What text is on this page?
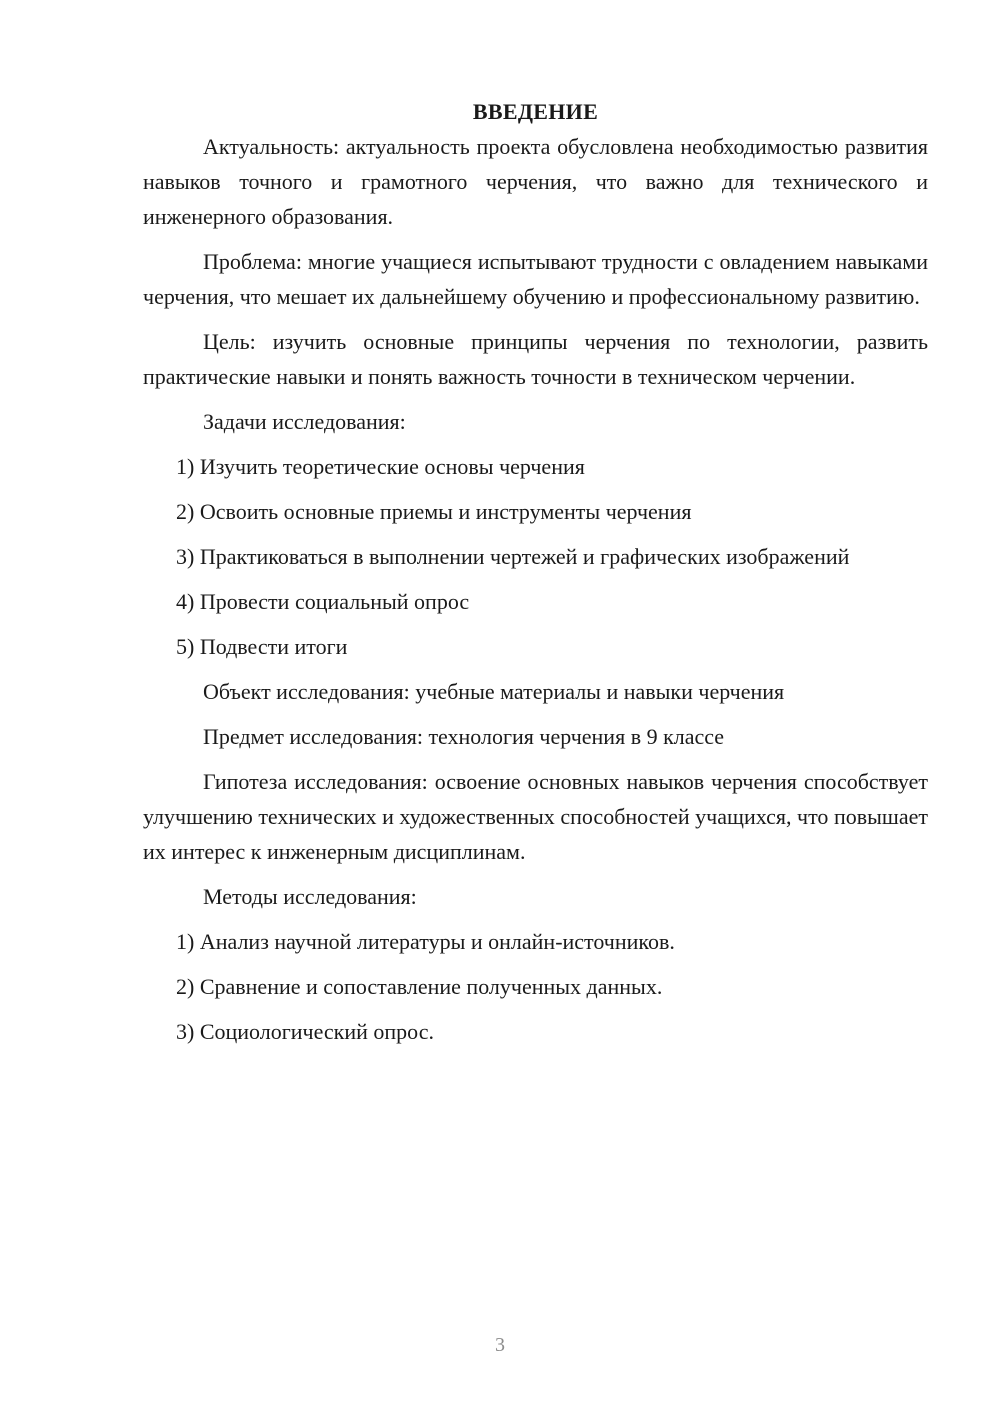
ВВЕДЕНИЕ

Актуальность: актуальность проекта обусловлена необходимостью развития навыков точного и грамотного черчения, что важно для технического и инженерного образования.

Проблема: многие учащиеся испытывают трудности с овладением навыками черчения, что мешает их дальнейшему обучению и профессиональному развитию.

Цель: изучить основные принципы черчения по технологии, развить практические навыки и понять важность точности в техническом черчении.

Задачи исследования:

1) Изучить теоретические основы черчения

2) Освоить основные приемы и инструменты черчения

3) Практиковаться в выполнении чертежей и графических изображений

4) Провести социальный опрос

5) Подвести итоги

Объект исследования: учебные материалы и навыки черчения

Предмет исследования: технология черчения в 9 классе

Гипотеза исследования: освоение основных навыков черчения способствует улучшению технических и художественных способностей учащихся, что повышает их интерес к инженерным дисциплинам.

Методы исследования:

1) Анализ научной литературы и онлайн-источников.

2) Сравнение и сопоставление полученных данных.

3) Социологический опрос.

3
